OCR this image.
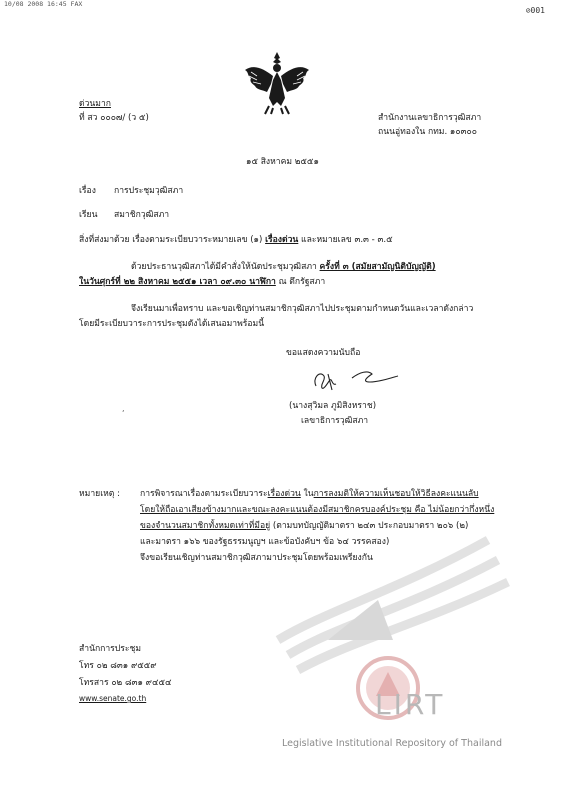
10/08 2008 16:45 FAX
⊘001
ด่วนมาก
ที่ สว ๐๐๐๗/ (ว ๕)	สำนักงานเลขาธิการวุฒิสภา
ถนนอู่ทองใน กทม. ๑๐๓๐๐
๑๕ สิงหาคม ๒๕๕๑
เรื่อง การประชุมวุฒิสภา
เรียน สมาชิกวุฒิสภา
สิ่งที่ส่งมาด้วย เรื่องตามระเบียบวาระหมายเลข (๑) เรื่องด่วน และหมายเลข ๓.๓ - ๓.๕
ด้วยประธานวุฒิสภาได้มีคำสั่งให้นัดประชุมวุฒิสภา ครั้งที่ ๓ (สมัยสามัญนิติบัญญัติ)
ในวันศุกร์ที่ ๒๒ สิงหาคม ๒๕๕๑ เวลา ๐๙.๓๐ นาฬิกา ณ ตึกรัฐสภา
จึงเรียนมาเพื่อทราบ และขอเชิญท่านสมาชิกวุฒิสภาไปประชุมตามกำหนดวันและเวลาดังกล่าว
โดยมีระเบียบวาระการประชุมดังได้เสนอมาพร้อมนี้
ขอแสดงความนับถือ
(นางสุวิมล ภูมิสิงหราช)
เลขาธิการวุฒิสภา
,
LIRT
Legislative Institutional Repository of Thailand
หมายเหตุ : การพิจารณาเรื่องตามระเบียบวาระเรื่องด่วน ในการลงมติให้ความเห็นชอบให้วิธีลงคะแนนลับ
โดยให้ถือเอาเสียงข้างมากและขณะลงคะแนนต้องมีสมาชิกครบองค์ประชุม คือ ไม่น้อยกว่ากึ่งหนึ่ง
ของจำนวนสมาชิกทั้งหมดเท่าที่มีอยู่ (ตามบทบัญญัติมาตรา ๒๔๓ ประกอบมาตรา ๒๐๖ (๒)
และมาตรา ๑๖๖ ของรัฐธรรมนูญฯ และข้อบังคับฯ ข้อ ๖๔ วรรคสอง)
จึงขอเรียนเชิญท่านสมาชิกวุฒิสภามาประชุมโดยพร้อมเพรียงกัน
สำนักการประชุม
โทร ๐๒ ๘๓๑ ๙๕๕๙
โทรสาร ๐๒ ๘๓๑ ๙๔๕๔
www.senate.go.th
